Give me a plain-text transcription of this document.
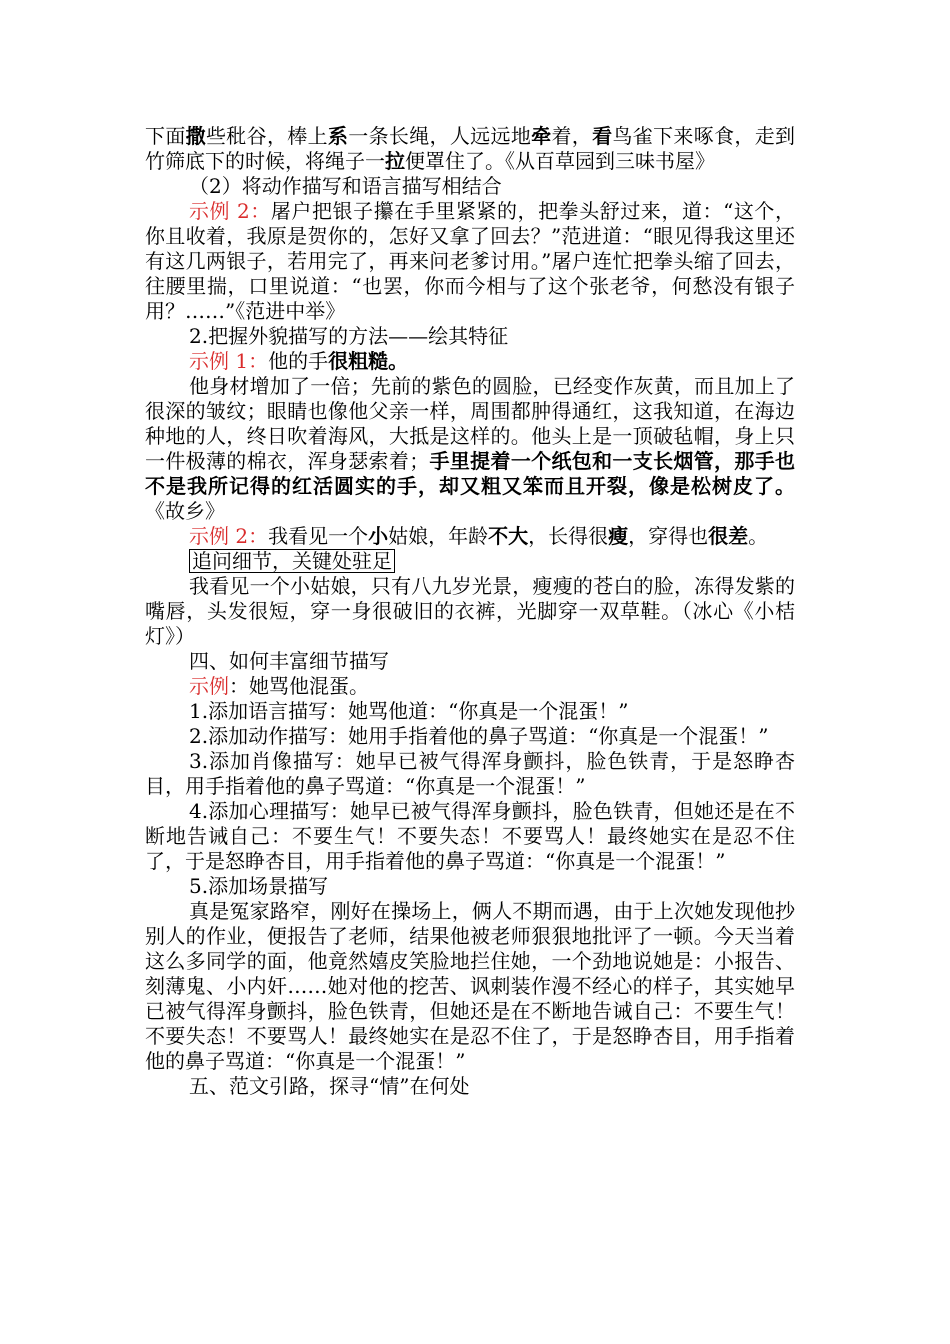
下面撒些秕谷，棒上系一条长绳，人远远地牵着，看鸟雀下来啄食，走到竹筛底下的时候，将绳子一拉便罩住了。《从百草园到三味书屋》

（2）将动作描写和语言描写相结合

示例 2：屠户把银子攥在手里紧紧的，把拳头舒过来，道：“这个，你且收着，我原是贺你的，怎好又拿了回去？”范进道：“眼见得我这里还有这几两银子，若用完了，再来问老爹讨用。”屠户连忙把拳头缩了回去，往腰里揣，口里说道：“也罢，你而今相与了这个张老爷，何愁没有银子用？……”《范进中举》

2.把握外貌描写的方法——绘其特征

示例 1：他的手很粗糙。

他身材增加了一倍；先前的紫色的圆脸，已经变作灰黄，而且加上了很深的皱纹；眼睛也像他父亲一样，周围都肿得通红，这我知道，在海边种地的人，终日吹着海风，大抵是这样的。他头上是一顶破毡帽，身上只一件极薄的棉衣，浑身瑟索着；手里提着一个纸包和一支长烟管，那手也不是我所记得的红活圆实的手，却又粗又笨而且开裂，像是松树皮了。 《故乡》

示例 2：我看见一个小姑娘，年龄不大，长得很瘦，穿得也很差。

追问细节，关键处驻足

我看见一个小姑娘，只有八九岁光景，瘦瘦的苍白的脸，冻得发紫的嘴唇，头发很短，穿一身很破旧的衣裤，光脚穿一双草鞋。（冰心《小桔灯》）

四、如何丰富细节描写

示例：她骂他混蛋。

1.添加语言描写：她骂他道：“你真是一个混蛋！”

2.添加动作描写：她用手指着他的鼻子骂道：“你真是一个混蛋！”

3.添加肖像描写：她早已被气得浑身颤抖，脸色铁青，于是怒睁杏目，用手指着他的鼻子骂道：“你真是一个混蛋！”

4.添加心理描写：她早已被气得浑身颤抖，脸色铁青，但她还是在不断地告诫自己：不要生气！不要失态！不要骂人！最终她实在是忍不住了，于是怒睁杏目，用手指着他的鼻子骂道：“你真是一个混蛋！”

5.添加场景描写

真是冤家路窄，刚好在操场上，俩人不期而遇，由于上次她发现他抄别人的作业，便报告了老师，结果他被老师狠狠地批评了一顿。今天当着这么多同学的面，他竟然嬉皮笑脸地拦住她，一个劲地说她是：小报告、刻薄鬼、小内奸……她对他的挖苦、讽刺装作漫不经心的样子，其实她早已被气得浑身颤抖，脸色铁青，但她还是在不断地告诫自己：不要生气！不要失态！不要骂人！最终她实在是忍不住了，于是怒睁杏目，用手指着他的鼻子骂道：“你真是一个混蛋！”

五、范文引路，探寻“情”在何处
